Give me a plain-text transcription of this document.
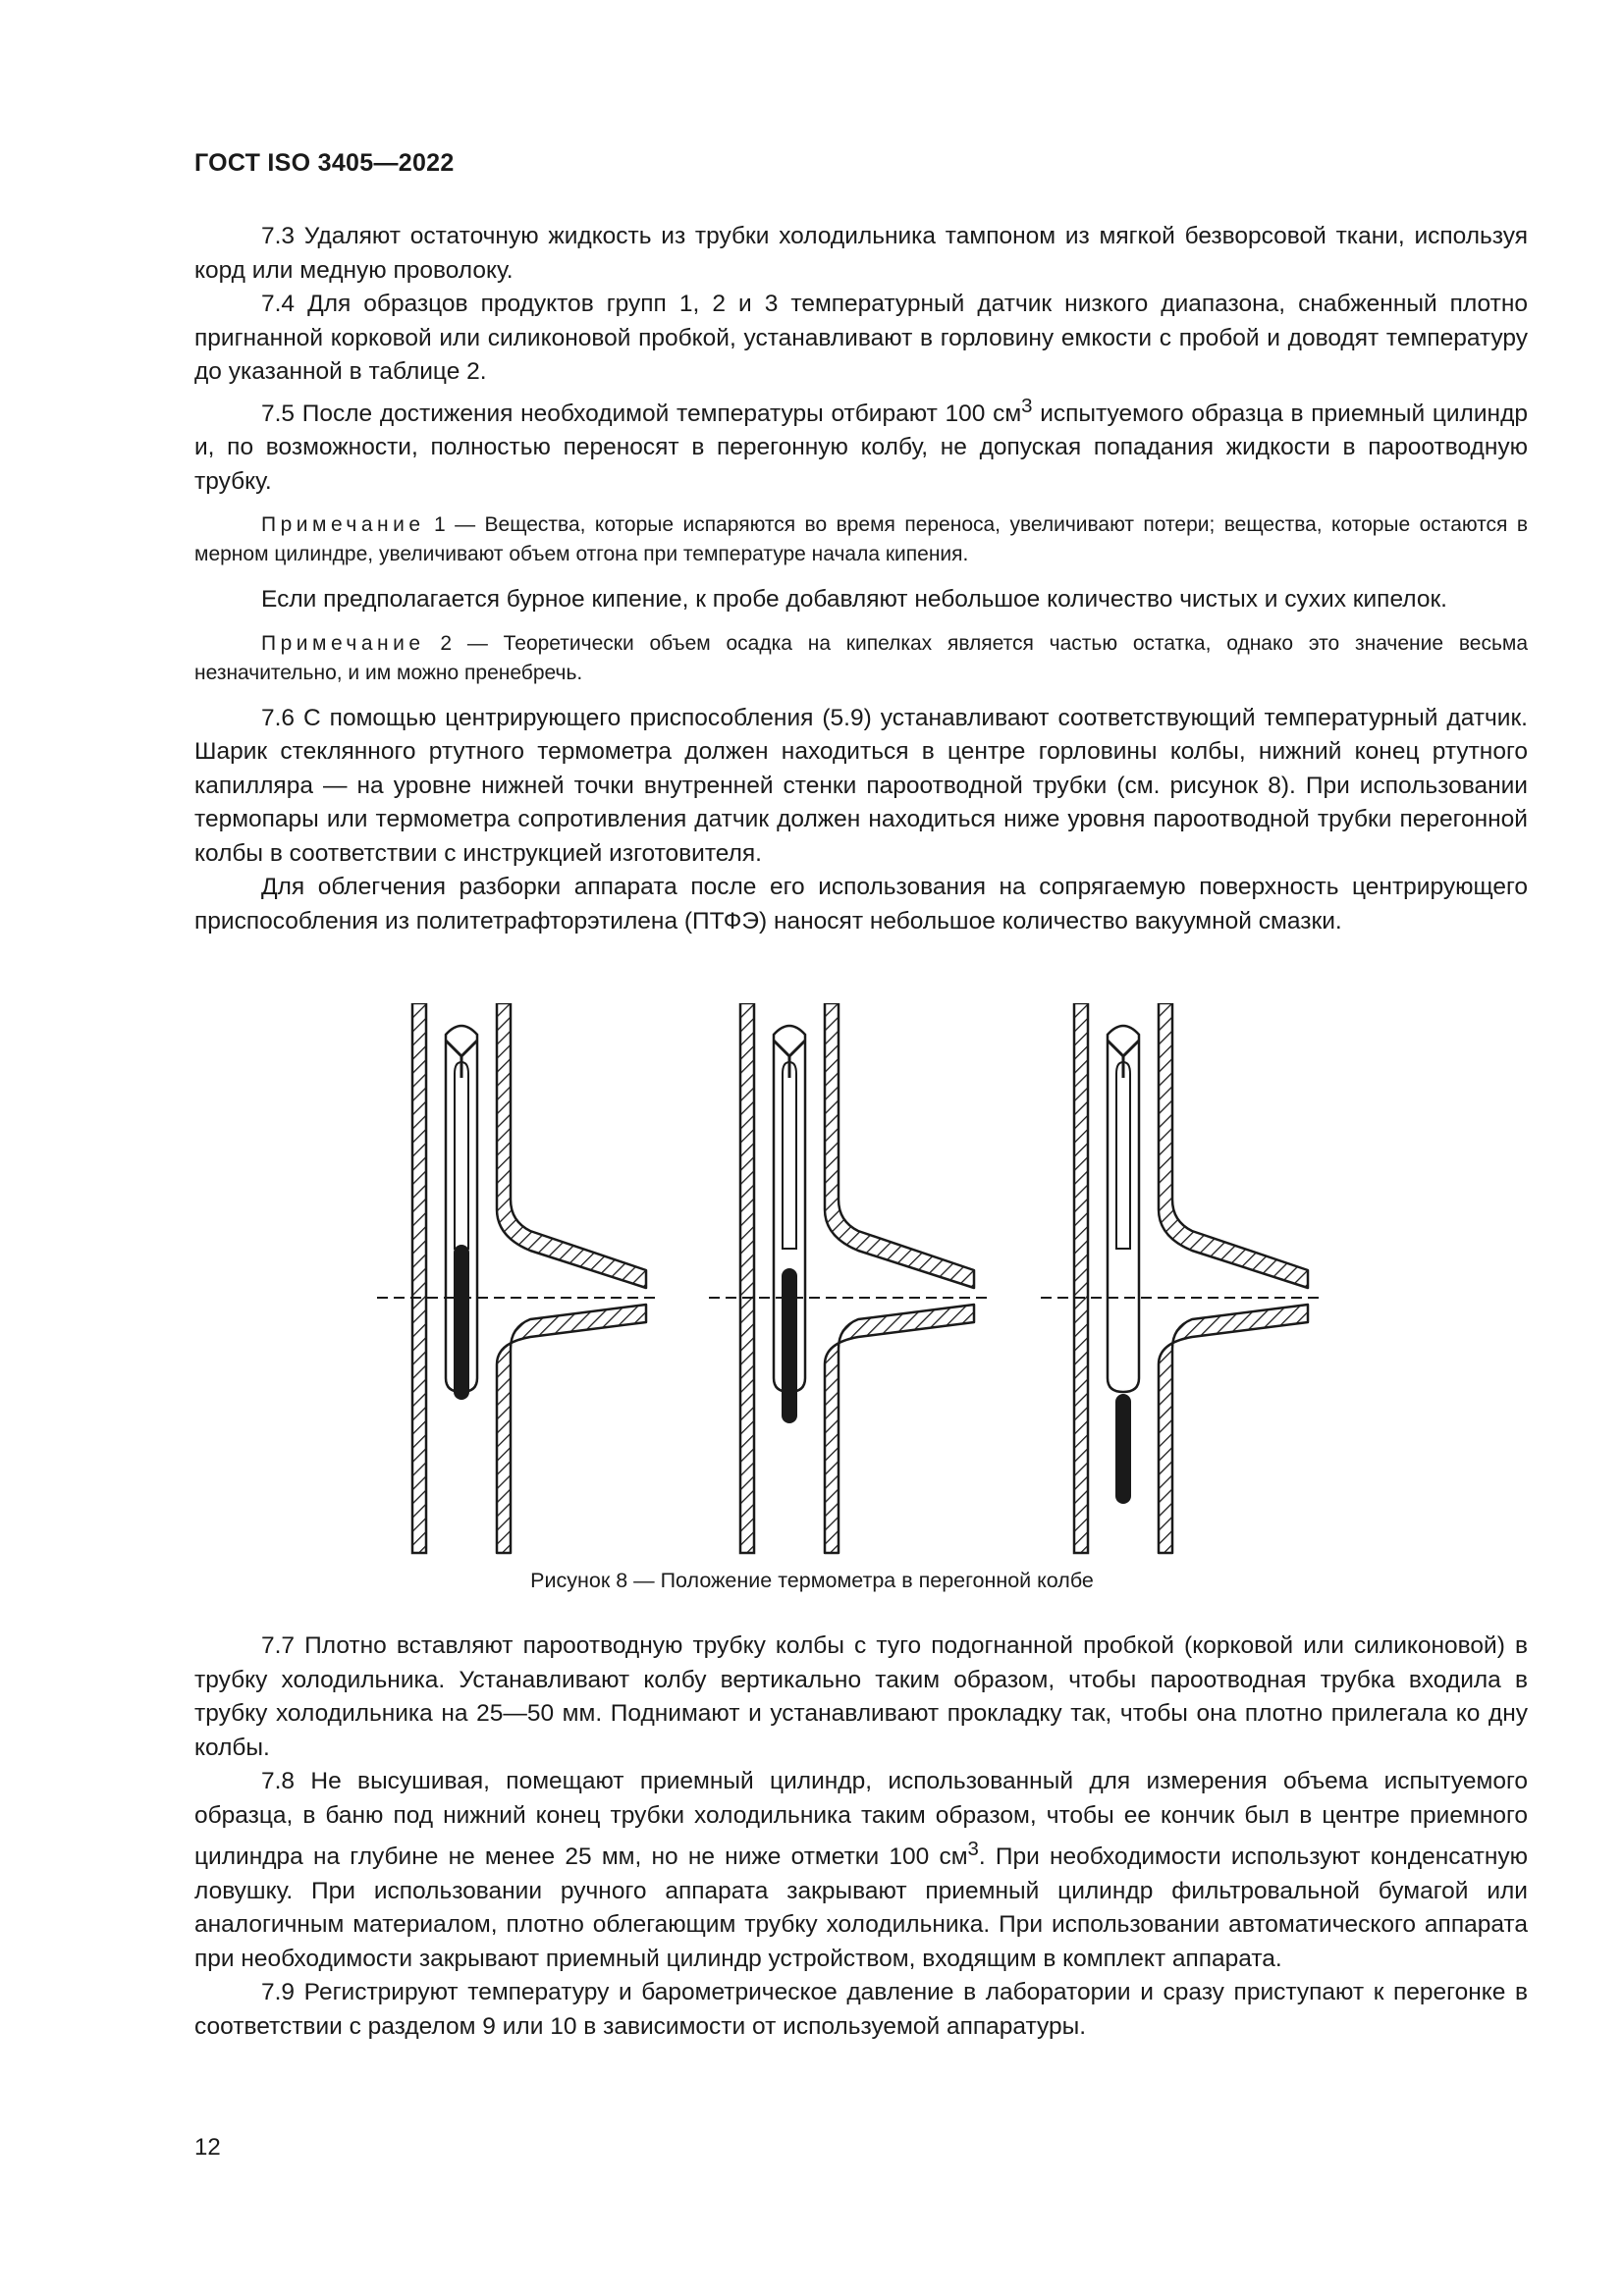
ГОСТ ISO 3405—2022

7.3 Удаляют остаточную жидкость из трубки холодильника тампоном из мягкой безворсовой ткани, используя корд или медную проволоку.

7.4 Для образцов продуктов групп 1, 2 и 3 температурный датчик низкого диапазона, снабженный плотно пригнанной корковой или силиконовой пробкой, устанавливают в горловину емкости с пробой и доводят температуру до указанной в таблице 2.

7.5 После достижения необходимой температуры отбирают 100 $см^3$ испытуемого образца в приемный цилиндр и, по возможности, полностью переносят в перегонную колбу, не допуская попадания жидкости в пароотводную трубку.

Примечание 1 — Вещества, которые испаряются во время переноса, увеличивают потери; вещества, которые остаются в мерном цилиндре, увеличивают объем отгона при температуре начала кипения.

Если предполагается бурное кипение, к пробе добавляют небольшое количество чистых и сухих кипелок.

Примечание 2 — Теоретически объем осадка на кипелках является частью остатка, однако это значение весьма незначительно, и им можно пренебречь.

7.6 С помощью центрирующего приспособления (5.9) устанавливают соответствующий температурный датчик. Шарик стеклянного ртутного термометра должен находиться в центре горловины колбы, нижний конец ртутного капилляра — на уровне нижней точки внутренней стенки пароотводной трубки (см. рисунок 8). При использовании термопары или термометра сопротивления датчик должен находиться ниже уровня пароотводной трубки перегонной колбы в соответствии с инструкцией изготовителя.

Для облегчения разборки аппарата после его использования на сопрягаемую поверхность центрирующего приспособления из политетрафторэтилена (ПТФЭ) наносят небольшое количество вакуумной смазки.

Рисунок 8 — Положение термометра в перегонной колбе

7.7 Плотно вставляют пароотводную трубку колбы с туго подогнанной пробкой (корковой или силиконовой) в трубку холодильника. Устанавливают колбу вертикально таким образом, чтобы пароотводная трубка входила в трубку холодильника на 25—50 мм. Поднимают и устанавливают прокладку так, чтобы она плотно прилегала ко дну колбы.

7.8 Не высушивая, помещают приемный цилиндр, использованный для измерения объема испытуемого образца, в баню под нижний конец трубки холодильника таким образом, чтобы ее кончик был в центре приемного цилиндра на глубине не менее 25 мм, но не ниже отметки 100 $см^3$. При необходимости используют конденсатную ловушку. При использовании ручного аппарата закрывают приемный цилиндр фильтровальной бумагой или аналогичным материалом, плотно облегающим трубку холодильника. При использовании автоматического аппарата при необходимости закрывают приемный цилиндр устройством, входящим в комплект аппарата.

7.9 Регистрируют температуру и барометрическое давление в лаборатории и сразу приступают к перегонке в соответствии с разделом 9 или 10 в зависимости от используемой аппаратуры.

12
